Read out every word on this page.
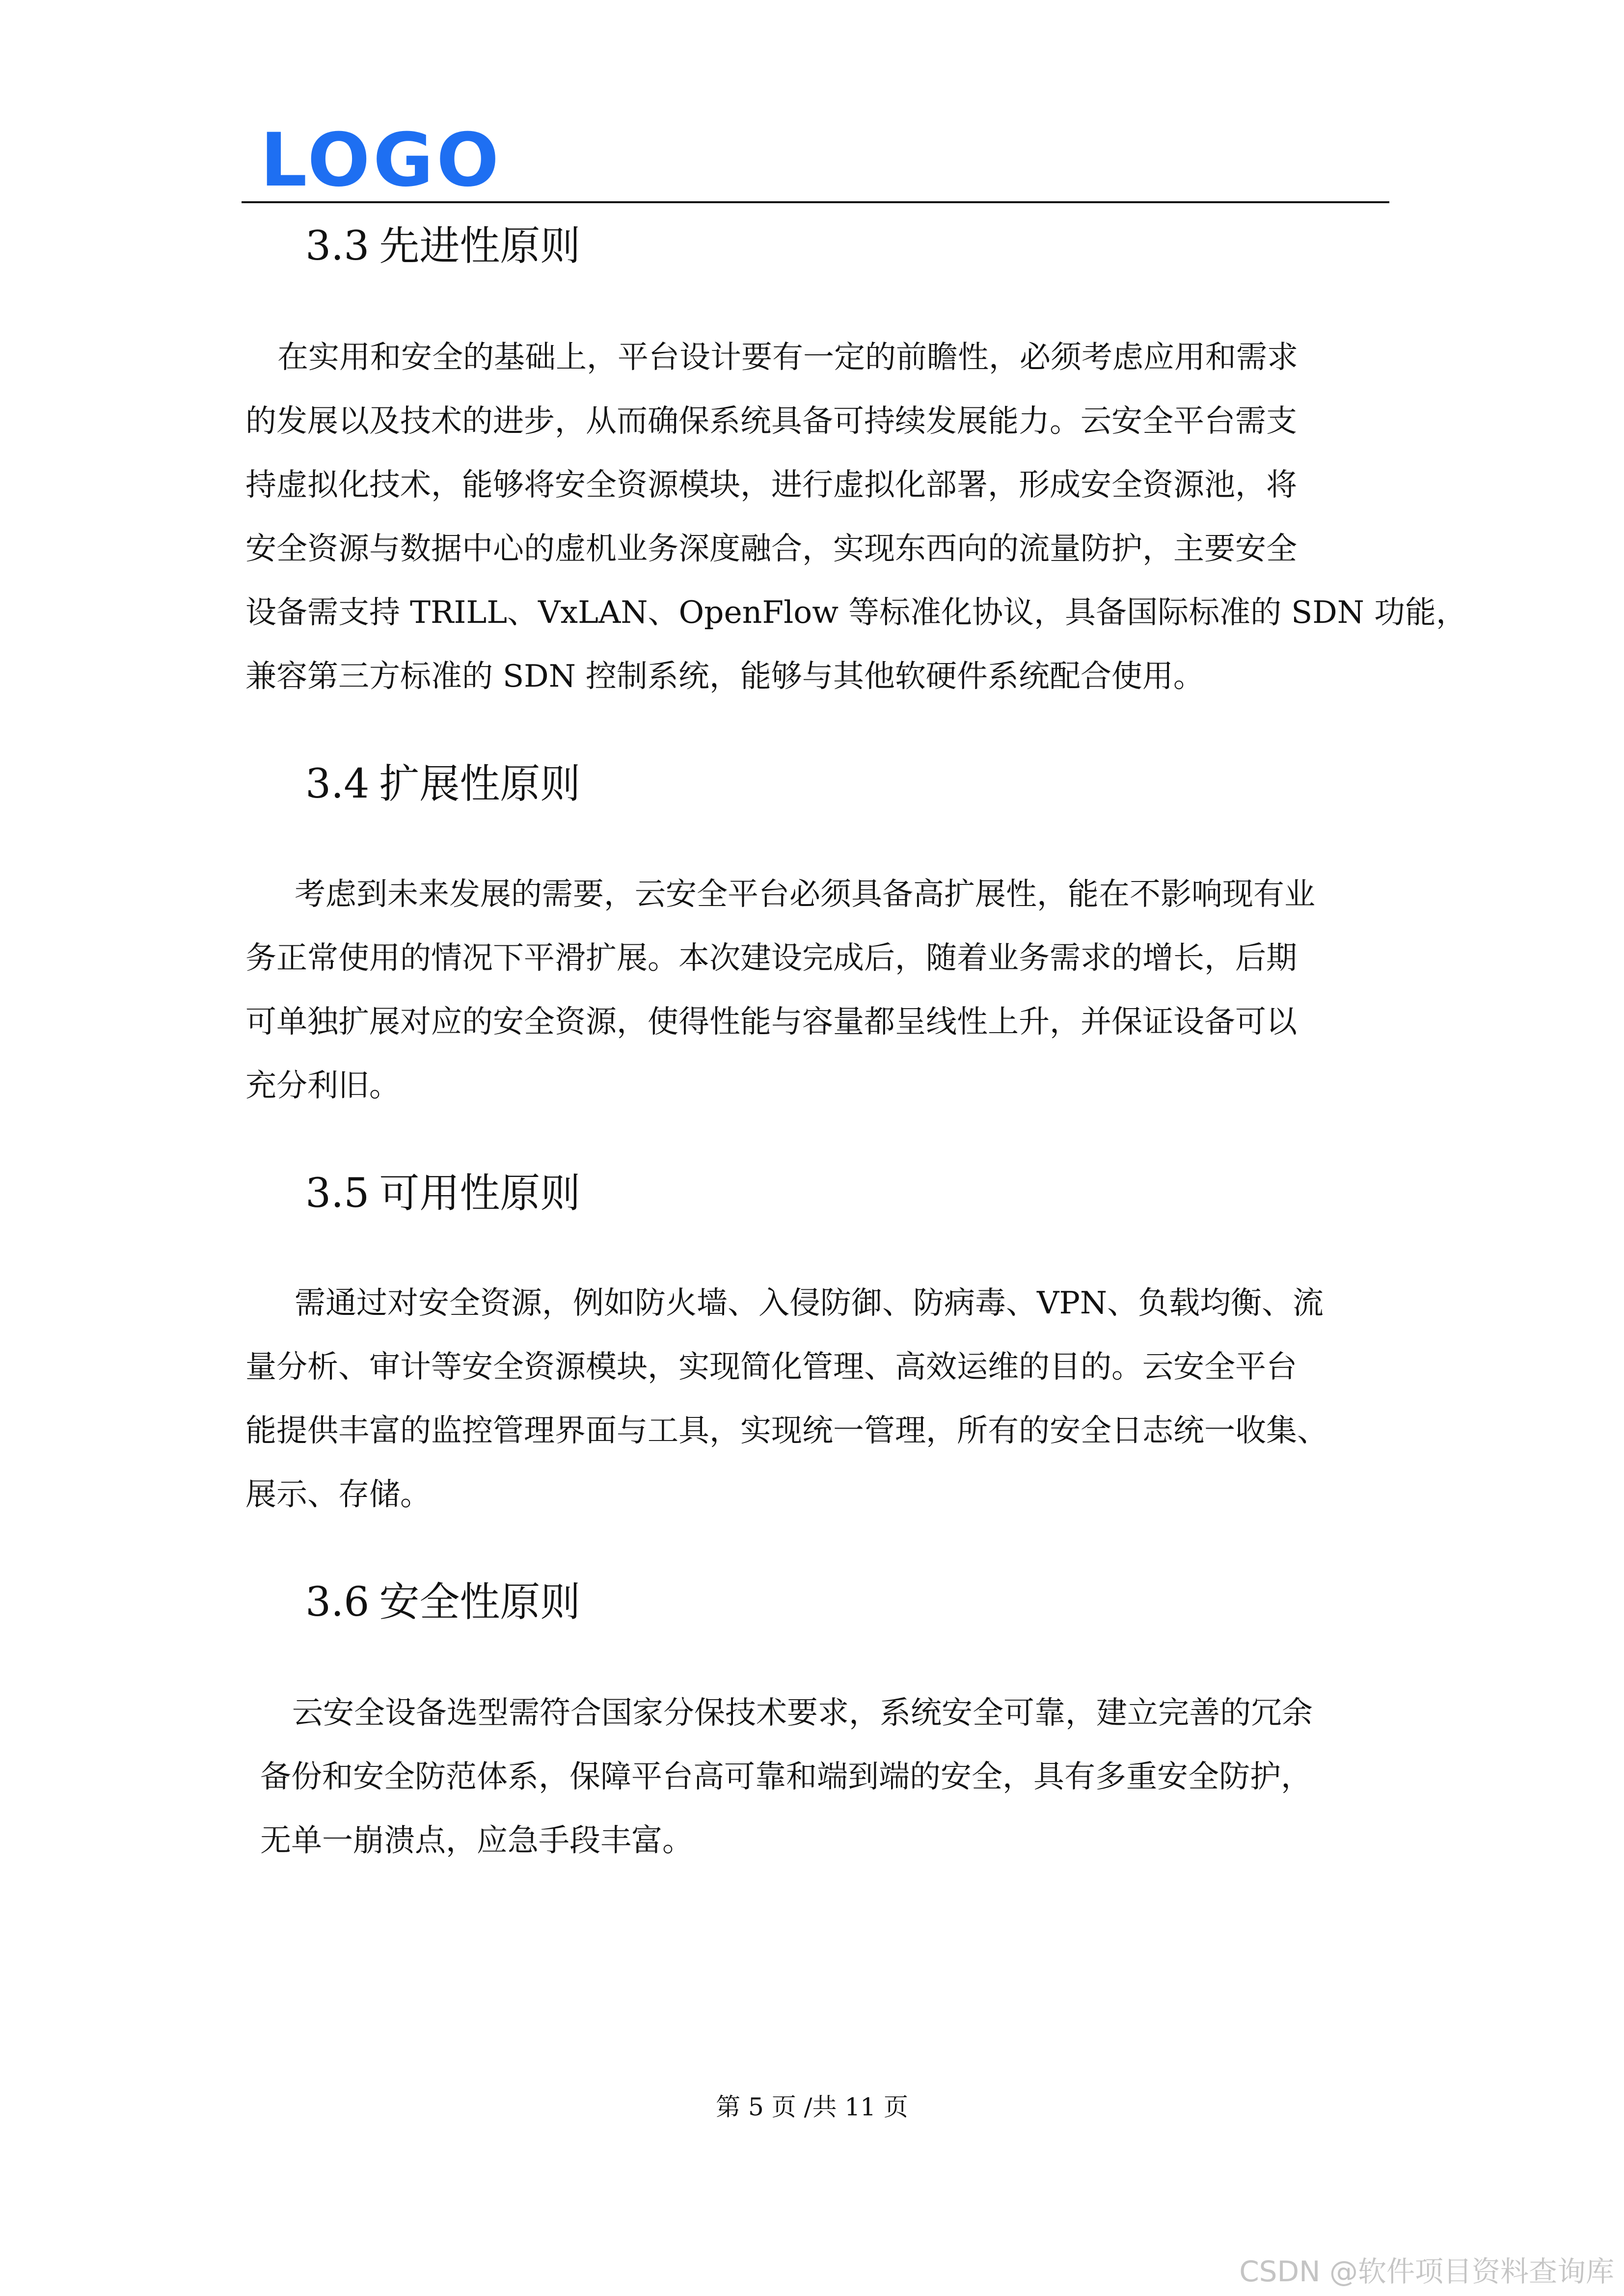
LOGO
3.3 先进性原则

在实用和安全的基础上，平台设计要有一定的前瞻性，必须考虑应用和需求

的发展以及技术的进步，从而确保系统具备可持续发展能力。云安全平台需支

持虚拟化技术，能够将安全资源模块，进行虚拟化部署，形成安全资源池，将

安全资源与数据中心的虚机业务深度融合，实现东西向的流量防护，主要安全

设备需支持 TRILL、VxLAN、OpenFlow 等标准化协议，具备国际标准的 SDN 功能，

兼容第三方标准的 SDN 控制系统，能够与其他软硬件系统配合使用。

3.4 扩展性原则

考虑到未来发展的需要，云安全平台必须具备高扩展性，能在不影响现有业

务正常使用的情况下平滑扩展。本次建设完成后，随着业务需求的增长，后期

可单独扩展对应的安全资源，使得性能与容量都呈线性上升，并保证设备可以

充分利旧。

3.5 可用性原则

需通过对安全资源，例如防火墙、入侵防御、防病毒、VPN、负载均衡、流

量分析、审计等安全资源模块，实现简化管理、高效运维的目的。云安全平台

能提供丰富的监控管理界面与工具，实现统一管理，所有的安全日志统一收集、

展示、存储。

3.6 安全性原则

云安全设备选型需符合国家分保技术要求，系统安全可靠，建立完善的冗余

备份和安全防范体系，保障平台高可靠和端到端的安全，具有多重安全防护，

无单一崩溃点，应急手段丰富。

第 5 页 /共 11 页
CSDN @软件项目资料查询库
